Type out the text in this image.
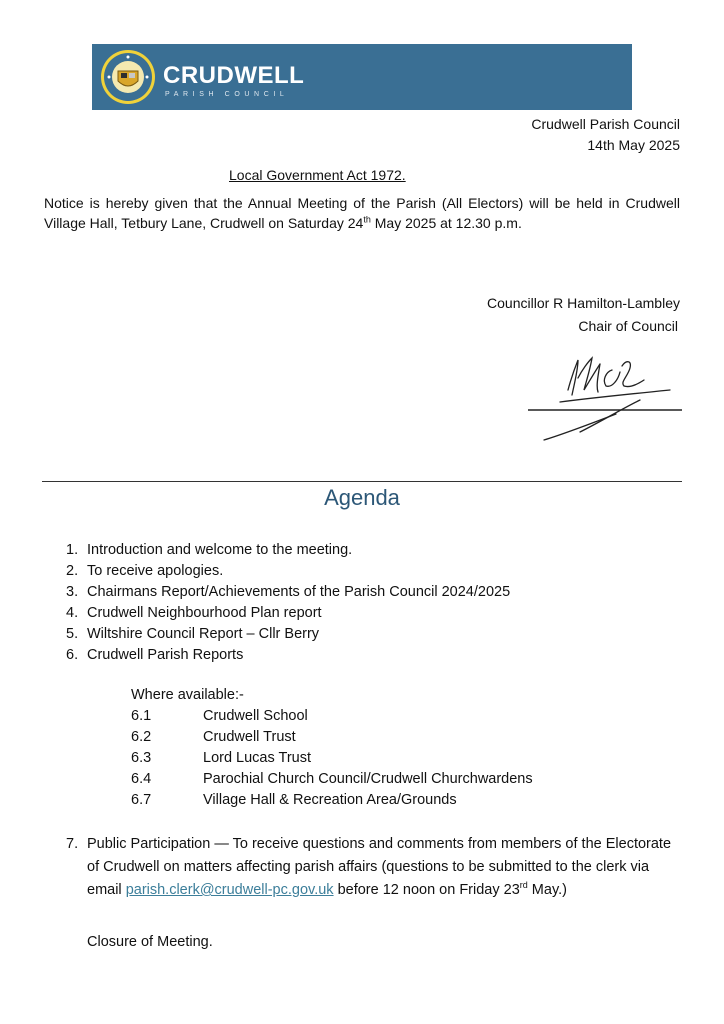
CRUDWELL
PARISH COUNCIL
Crudwell Parish Council
14th May 2025
Local Government Act 1972.
Notice is hereby given that the Annual Meeting of the Parish (All Electors) will be held in Crudwell Village Hall, Tetbury Lane, Crudwell on Saturday 24th May 2025 at 12.30 p.m.
Councillor R Hamilton-Lambley
Chair of Council
Agenda
1. Introduction and welcome to the meeting.
2. To receive apologies.
3. Chairmans Report/Achievements of the Parish Council 2024/2025
4. Crudwell Neighbourhood Plan report
5. Wiltshire Council Report – Cllr Berry
6. Crudwell Parish Reports
Where available:-
6.1	Crudwell School
6.2	Crudwell Trust
6.3	Lord Lucas Trust
6.4	Parochial Church Council/Crudwell Churchwardens
6.7	Village Hall & Recreation Area/Grounds
7. Public Participation — To receive questions and comments from members of the Electorate of Crudwell on matters affecting parish affairs (questions to be submitted to the clerk via email parish.clerk@crudwell-pc.gov.uk before 12 noon on Friday 23rd May.)
Closure of Meeting.
